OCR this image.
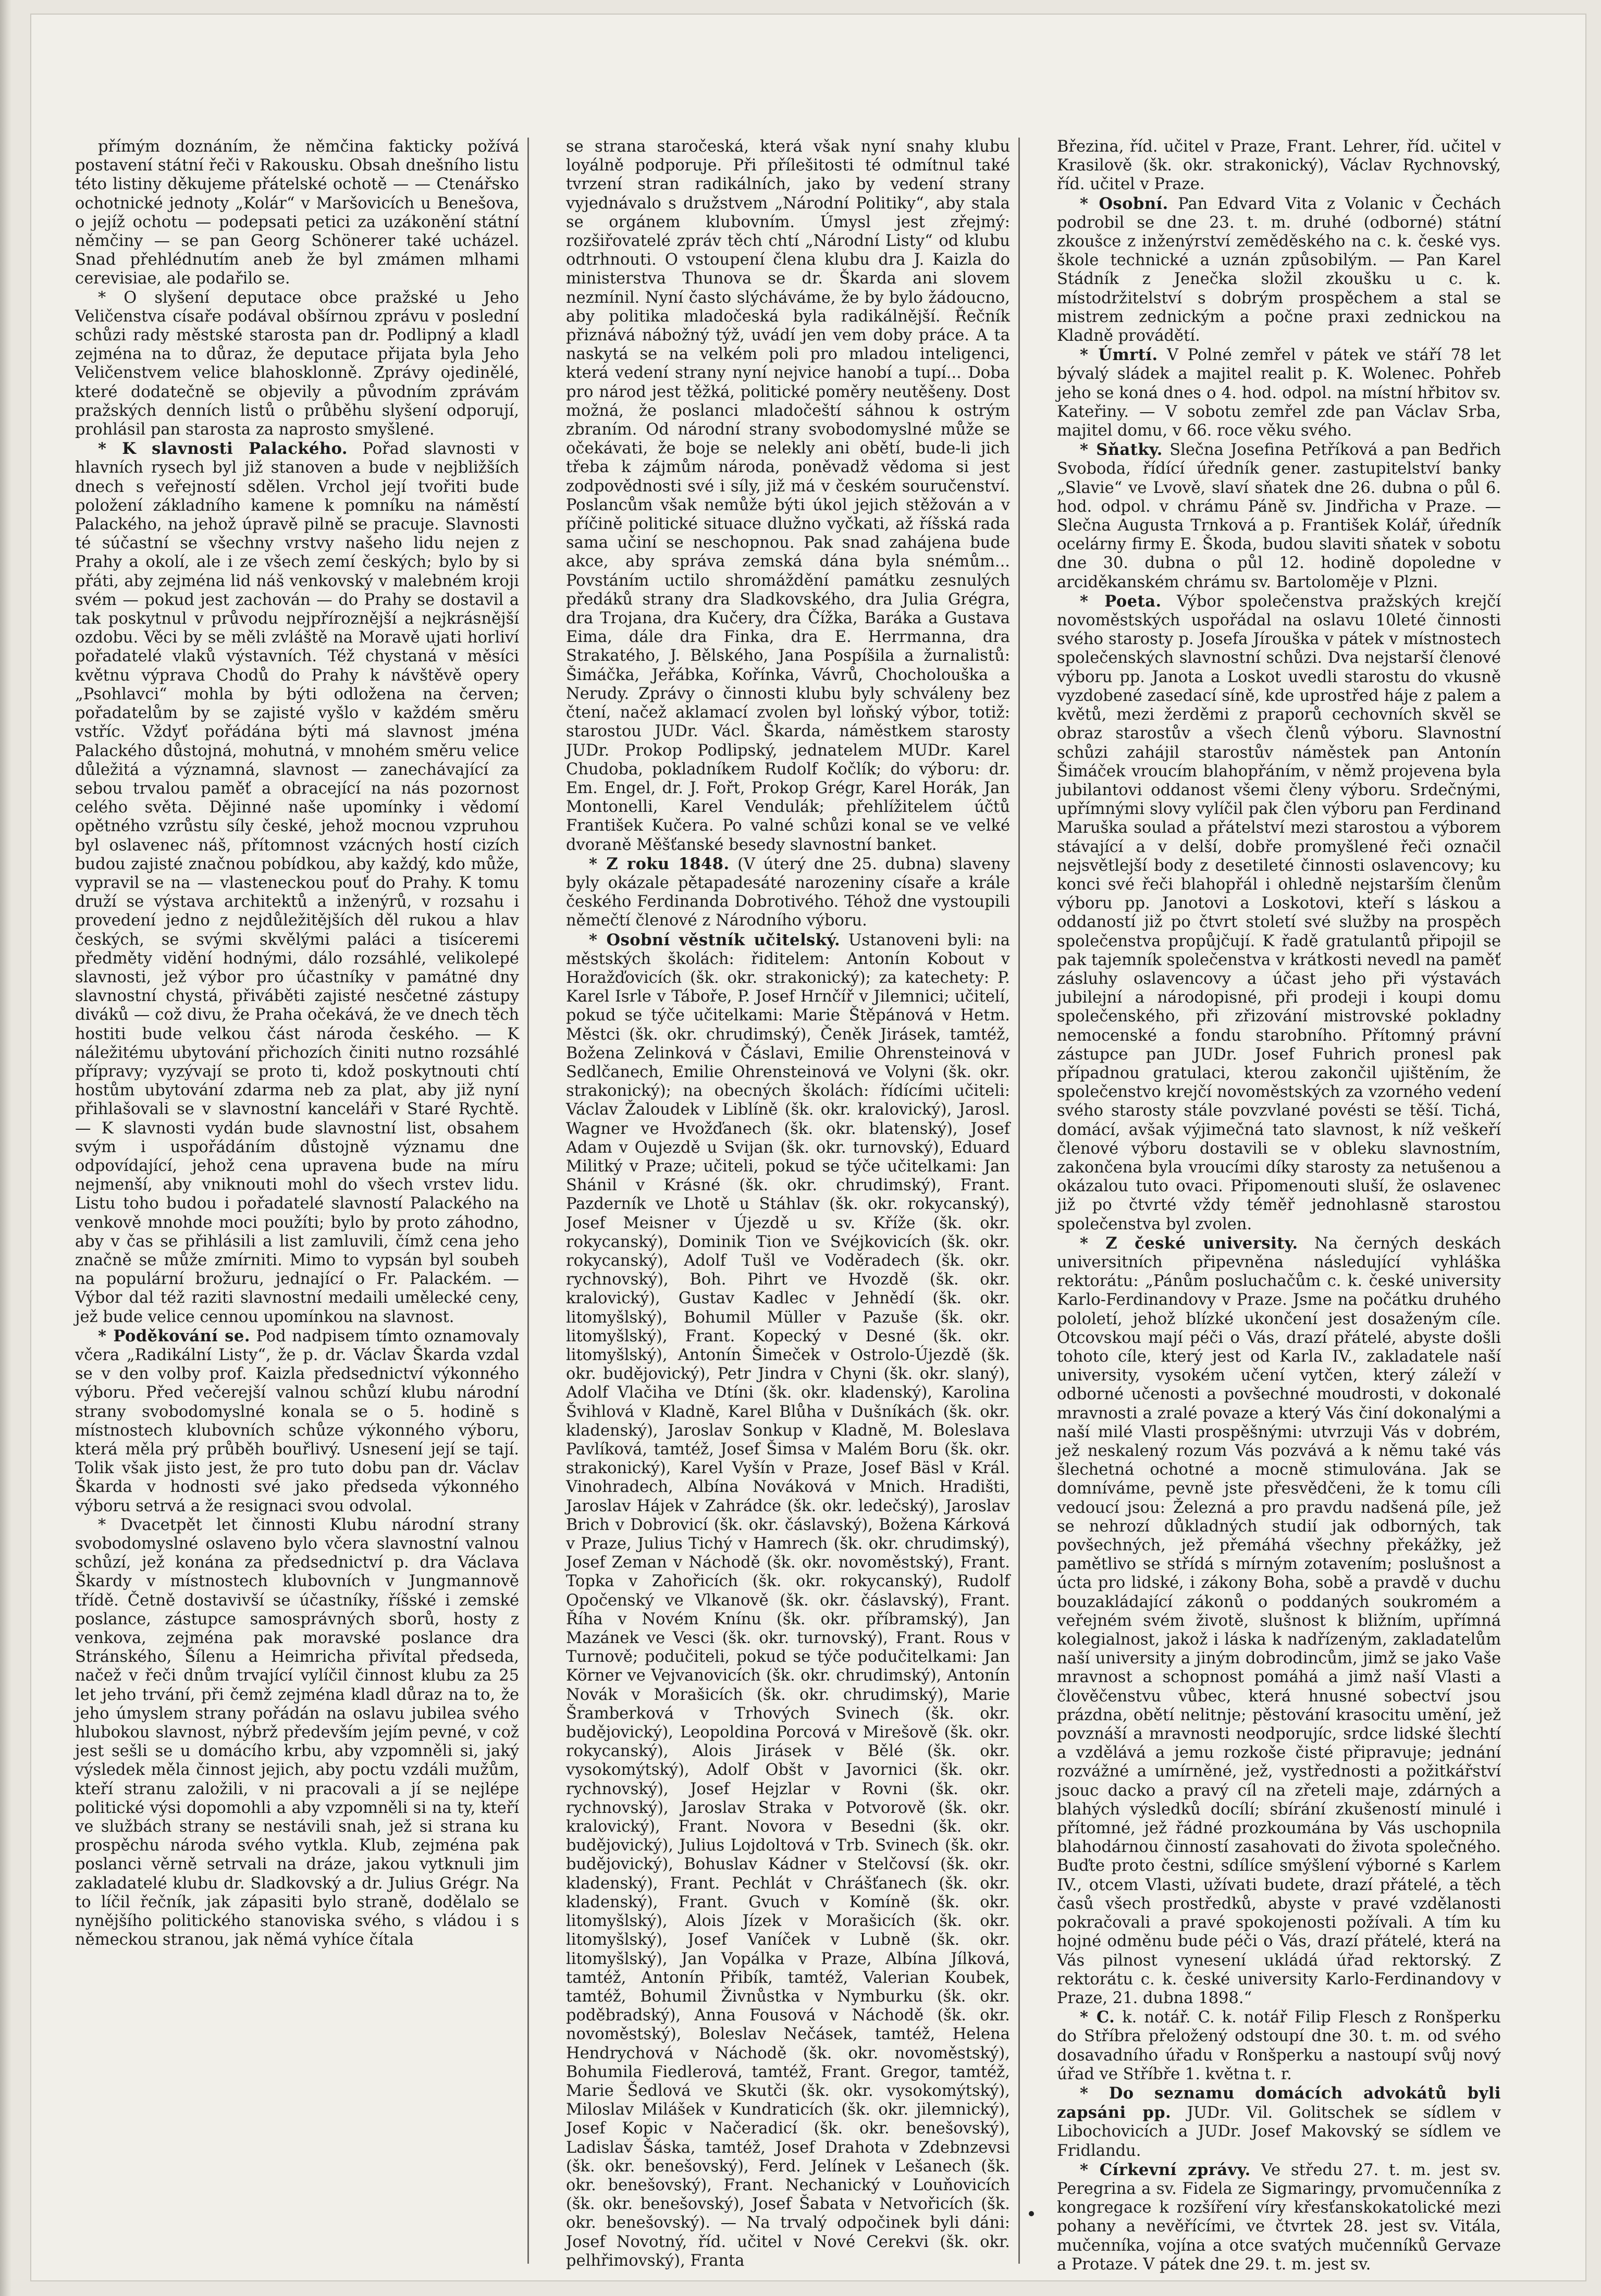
přímým doznáním, že němčina fakticky požívá postavení státní řeči v Rakousku. Obsah dnešního listu této listiny děkujeme přátelské ochotě — — Ctenářsko ochotnické jednoty „Kolár“ v Maršovicích u Benešova, o jejíž ochotu — podepsati petici za uzákonění státní němčiny — se pan Georg Schönerer také ucházel. Snad přehlédnutím aneb že byl zmámen mlhami cerevisiae, ale podařilo se.

* O slyšení deputace obce pražské u Jeho Veličenstva císaře podával obšírnou zprávu v poslední schůzi rady městské starosta pan dr. Podlipný a kladl zejména na to důraz, že deputace přijata byla Jeho Veličenstvem velice blahosklonně. Zprávy ojedinělé, které dodatečně se objevily a původním zprávám pražských denních listů o průběhu slyšení odporují, prohlásil pan starosta za naprosto smyšlené.

* K slavnosti Palackého. Pořad slavnosti v hlavních rysech byl již stanoven a bude v nejbližších dnech s veřejností sdělen. Vrchol její tvořiti bude položení základního kamene k pomníku na náměstí Palackého, na jehož úpravě pilně se pracuje. Slavnosti té súčastní se všechny vrstvy našeho lidu nejen z Prahy a okolí, ale i ze všech zemí českých; bylo by si přáti, aby zejména lid náš venkovský v malebném kroji svém — pokud jest zachován — do Prahy se dostavil a tak poskytnul v průvodu nejpříroznější a nejkrásnější ozdobu. Věci by se měli zvláště na Moravě ujati horliví pořadatelé vlaků výstavních. Též chystaná v měsíci květnu výprava Chodů do Prahy k návštěvě opery „Psohlavci“ mohla by býti odložena na červen; pořadatelům by se zajisté vyšlo v každém směru vstříc. Vždyť pořádána býti má slavnost jména Palackého důstojná, mohutná, v mnohém směru velice důležitá a významná, slavnost — zanechávající za sebou trvalou paměť a obracející na nás pozornost celého světa. Dějinné naše upomínky i vědomí opětného vzrůstu síly české, jehož mocnou vzpruhou byl oslavenec náš, přítomnost vzácných hostí cizích budou zajisté značnou pobídkou, aby každý, kdo může, vypravil se na — vlasteneckou pouť do Prahy. K tomu druží se výstava architektů a inženýrů, v rozsahu i provedení jedno z nejdůležitějších děl rukou a hlav českých, se svými skvělými paláci a tisíceremi předměty vidění hodnými, dálo rozsáhlé, velikolepé slavnosti, jež výbor pro účastníky v památné dny slavnostní chystá, přiváběti zajisté nesčetné zástupy diváků — což divu, že Praha očekává, že ve dnech těch hostiti bude velkou část národa českého. — K náležitému ubytování přichozích činiti nutno rozsáhlé přípravy; vyzývají se proto ti, kdož poskytnouti chtí hostům ubytování zdarma neb za plat, aby již nyní přihlašovali se v slavnostní kanceláři v Staré Rychtě. — K slavnosti vydán bude slavnostní list, obsahem svým i uspořádáním důstojně významu dne odpovídající, jehož cena upravena bude na míru nejmenší, aby vniknouti mohl do všech vrstev lidu. Listu toho budou i pořadatelé slavností Palackého na venkově mnohde moci použíti; bylo by proto záhodno, aby v čas se přihlásili a list zamluvili, čímž cena jeho značně se může zmírniti. Mimo to vypsán byl soubeh na populární brožuru, jednající o Fr. Palackém. — Výbor dal též raziti slavnostní medaili umělecké ceny, jež bude velice cennou upomínkou na slavnost.

* Poděkování se. Pod nadpisem tímto oznamovaly včera „Radikální Listy“, že p. dr. Václav Škarda vzdal se v den volby prof. Kaizla předsednictví výkonného výboru. Před večerejší valnou schůzí klubu národní strany svobodomyslné konala se o 5. hodině s místnostech klubovních schůze výkonného výboru, která měla prý průběh bouřlivý. Usnesení její se tají. Tolik však jisto jest, že pro tuto dobu pan dr. Václav Škarda v hodnosti své jako předseda výkonného výboru setrvá a že resignaci svou odvolal.

* Dvacetpět let činnosti Klubu národní strany svobodomyslné oslaveno bylo včera slavnostní valnou schůzí, jež konána za předsednictví p. dra Václava Škardy v místnostech klubovních v Jungmannově třídě. Četně dostavivší se účastníky, říšské i zemské poslance, zástupce samosprávných sborů, hosty z venkova, zejména pak moravské poslance dra Stránského, Šílenu a Heimricha přivítal předseda, načež v řeči dnům trvající vylíčil činnost klubu za 25 let jeho trvání, při čemž zejména kladl důraz na to, že jeho úmyslem strany pořádán na oslavu jubilea svého hlubokou slavnost, nýbrž především jejím pevné, v což jest sešli se u domácího krbu, aby vzpomněli si, jaký výsledek měla činnost jejich, aby poctu vzdáli mužům, kteří stranu založili, v ni pracovali a jí se nejlépe politické výsi dopomohli a aby vzpomněli si na ty, kteří ve službách strany se nestávili snah, jež si strana ku prospěchu národa svého vytkla. Klub, zejména pak poslanci věrně setrvali na dráze, jakou vytknuli jim zakladatelé klubu dr. Sladkovský a dr. Julius Grégr. Na to líčil řečník, jak zápasiti bylo straně, dodělalo se nynějšího politického stanoviska svého, s vládou i s německou stranou, jak němá vyhíce čítala

se strana staročeská, která však nyní snahy klubu loyálně podporuje. Při přílešitosti té odmítnul také tvrzení stran radikálních, jako by vedení strany vyjednávalo s družstvem „Národní Politiky“, aby stala se orgánem klubovním. Úmysl jest zřejmý: rozšiřovatelé zpráv těch chtí „Národní Listy“ od klubu odtrhnouti. O vstoupení člena klubu dra J. Kaizla do ministerstva Thunova se dr. Škarda ani slovem nezmínil. Nyní často slýcháváme, že by bylo žádoucno, aby politika mladočeská byla radikálnější. Řečník přiznává nábožný týž, uvádí jen vem doby práce. A ta naskytá se na velkém poli pro mladou inteligenci, která vedení strany nyní nejvice hanobí a tupí... Doba pro národ jest těžká, politické poměry neutěšeny. Dost možná, že poslanci mladočeští sáhnou k ostrým zbraním. Od národní strany svobodomyslné může se očekávati, že boje se nelekly ani obětí, bude-li jich třeba k zájmům národa, poněvadž vědoma si jest zodpovědnosti své i síly, již má v českém souručenství. Poslancům však nemůže býti úkol jejich stěžován a v příčině politické situace dlužno vyčkati, až říšská rada sama učiní se neschopnou. Pak snad zahájena bude akce, aby správa zemská dána byla snémům... Povstáním uctilo shromáždění památku zesnulých předáků strany dra Sladkovského, dra Julia Grégra, dra Trojana, dra Kučery, dra Čížka, Baráka a Gustava Eima, dále dra Finka, dra E. Herrmanna, dra Strakatého, J. Bělského, Jana Pospíšila a žurnalistů: Šimáčka, Jeřábka, Kořínka, Vávrů, Chocholouška a Nerudy. Zprávy o činnosti klubu byly schváleny bez čtení, načež aklamací zvolen byl loňský výbor, totiž: starostou JUDr. Václ. Škarda, náměstkem starosty JUDr. Prokop Podlipský, jednatelem MUDr. Karel Chudoba, pokladníkem Rudolf Kočlík; do výboru: dr. Em. Engel, dr. J. Fořt, Prokop Grégr, Karel Horák, Jan Montonelli, Karel Vendulák; přehlížitelem účtů František Kučera. Po valné schůzi konal se ve velké dvoraně Měšťanské besedy slavnostní banket.

* Z roku 1848. (V úterý dne 25. dubna) slaveny byly okázale pětapadesáté narozeniny císaře a krále českého Ferdinanda Dobrotivého. Téhož dne vystoupili němečtí členové z Národního výboru.

* Osobní věstník učitelský. Ustanoveni byli: na městských školách: řiditelem: Antonín Kobout v Horažďovicích (šk. okr. strakonický); za katechety: P. Karel Isrle v Táboře, P. Josef Hrnčíř v Jilemnici; učitelí, pokud se týče učitelkami: Marie Štěpánová v Hetm. Městci (šk. okr. chrudimský), Čeněk Jirásek, tamtéž, Božena Zelinková v Čáslavi, Emilie Ohrensteinová v Sedlčanech, Emilie Ohrensteinová ve Volyni (šk. okr. strakonický); na obecných školách: řídícími učiteli: Václav Žaloudek v Liblíně (šk. okr. kralovický), Jarosl. Wagner ve Hvožďanech (šk. okr. blatenský), Josef Adam v Oujezdě u Svijan (šk. okr. turnovský), Eduard Militký v Praze; učiteli, pokud se týče učitelkami: Jan Shánil v Krásné (šk. okr. chrudimský), Frant. Pazderník ve Lhotě u Stáhlav (šk. okr. rokycanský), Josef Meisner v Újezdě u sv. Kříže (šk. okr. rokycanský), Dominik Tion ve Svéjkovicích (šk. okr. rokycanský), Adolf Tušl ve Voděradech (šk. okr. rychnovský), Boh. Pihrt ve Hvozdě (šk. okr. kralovický), Gustav Kadlec v Jehnědí (šk. okr. litomyšlský), Bohumil Müller v Pazuše (šk. okr. litomyšlský), Frant. Kopecký v Desné (šk. okr. litomyšlský), Antonín Šimeček v Ostrolo-Újezdě (šk. okr. budějovický), Petr Jindra v Chyni (šk. okr. slaný), Adolf Vlačiha ve Dtíni (šk. okr. kladenský), Karolina Švihlová v Kladně, Karel Blůha v Dušníkách (šk. okr. kladenský), Jaroslav Sonkup v Kladně, M. Boleslava Pavlíková, tamtéž, Josef Šimsa v Malém Boru (šk. okr. strakonický), Karel Vyšín v Praze, Josef Bäsl v Král. Vinohradech, Albína Nováková v Mnich. Hradišti, Jaroslav Hájek v Zahrádce (šk. okr. ledečský), Jaroslav Brich v Dobrovicí (šk. okr. čáslavský), Božena Kárková v Praze, Julius Tichý v Hamrech (šk. okr. chrudimský), Josef Zeman v Náchodě (šk. okr. novoměstský), Frant. Topka v Zahořicích (šk. okr. rokycanský), Rudolf Opočenský ve Vlkanově (šk. okr. čáslavský), Frant. Říha v Novém Knínu (šk. okr. příbramský), Jan Mazánek ve Vesci (šk. okr. turnovský), Frant. Rous v Turnově; podučiteli, pokud se týče podučitelkami: Jan Körner ve Vejvanovicích (šk. okr. chrudimský), Antonín Novák v Morašicích (šk. okr. chrudimský), Marie Šramberková v Trhových Svinech (šk. okr. budějovický), Leopoldina Porcová v Mirešově (šk. okr. rokycanský), Alois Jirásek v Bělé (šk. okr. vysokomýtský), Adolf Obšt v Javornici (šk. okr. rychnovský), Josef Hejzlar v Rovni (šk. okr. rychnovský), Jaroslav Straka v Potvorově (šk. okr. kralovický), Frant. Novora v Besedni (šk. okr. budějovický), Julius Lojdoltová v Trb. Svinech (šk. okr. budějovický), Bohuslav Kádner v Stelčovsí (šk. okr. kladenský), Frant. Pechlát v Chrášťanech (šk. okr. kladenský), Frant. Gvuch v Komíně (šk. okr. litomyšlský), Alois Jízek v Morašicích (šk. okr. litomyšlský), Josef Vaníček v Lubně (šk. okr. litomyšlský), Jan Vopálka v Praze, Albína Jílková, tamtéž, Antonín Přibík, tamtéž, Valerian Koubek, tamtéž, Bohumil Živnůstka v Nymburku (šk. okr. poděbradský), Anna Fousová v Náchodě (šk. okr. novoměstský), Boleslav Nečásek, tamtéž, Helena Hendrychová v Náchodě (šk. okr. novoměstský), Bohumila Fiedlerová, tamtéž, Frant. Gregor, tamtéž, Marie Šedlová ve Skutči (šk. okr. vysokomýtský), Miloslav Milášek v Kundraticích (šk. okr. jilemnický), Josef Kopic v Načeradicí (šk. okr. benešovský), Ladislav Šáska, tamtéž, Josef Drahota v Zdebnzevsi (šk. okr. benešovský), Ferd. Jelínek v Lešanech (šk. okr. benešovský), Frant. Nechanický v Louňovicích (šk. okr. benešovský), Josef Šabata v Netvořicích (šk. okr. benešovský). — Na trvalý odpočinek byli dáni: Josef Novotný, říd. učitel v Nové Cerekvi (šk. okr. pelhřimovský), Franta

Březina, říd. učitel v Praze, Frant. Lehrer, říd. učitel v Krasilově (šk. okr. strakonický), Václav Rychnovský, říd. učitel v Praze.

* Osobní. Pan Edvard Vita z Volanic v Čechách podrobil se dne 23. t. m. druhé (odborné) státní zkoušce z inženýrství zeměděského na c. k. české vys. škole technické a uznán způsobilým. — Pan Karel Stádník z Jenečka složil zkoušku u c. k. místodržitelství s dobrým prospěchem a stal se mistrem zednickým a počne praxi zednickou na Kladně provádětí.

* Úmrtí. V Polné zemřel v pátek ve stáří 78 let bývalý sládek a majitel realit p. K. Wolenec. Pohřeb jeho se koná dnes o 4. hod. odpol. na místní hřbitov sv. Kateřiny. — V sobotu zemřel zde pan Václav Srba, majitel domu, v 66. roce věku svého.

* Sňatky. Slečna Josefina Petříková a pan Bedřich Svoboda, řídící úředník gener. zastupitelství banky „Slavie“ ve Lvově, slaví sňatek dne 26. dubna o půl 6. hod. odpol. v chrámu Páně sv. Jindřicha v Praze. — Slečna Augusta Trnková a p. František Kolář, úředník ocelárny firmy E. Škoda, budou slaviti sňatek v sobotu dne 30. dubna o půl 12. hodině dopoledne v arciděkanském chrámu sv. Bartoloměje v Plzni.

* Poeta. Výbor společenstva pražských krejčí novoměstských uspořádal na oslavu 10leté činnosti svého starosty p. Josefa Jírouška v pátek v místnostech společenských slavnostní schůzi. Dva nejstarší členové výboru pp. Janota a Loskot uvedli starostu do vkusně vyzdobené zasedací síně, kde uprostřed háje z palem a květů, mezi žerděmi z praporů cechovních skvěl se obraz starostův a všech členů výboru. Slavnostní schůzi zahájil starostův náměstek pan Antonín Šimáček vroucím blahopřáním, v němž projevena byla jubilantovi oddanost všemi členy výboru. Srdečnými, upřímnými slovy vylíčil pak člen výboru pan Ferdinand Maruška soulad a přátelství mezi starostou a výborem stávající a v delší, dobře promyšlené řeči označil nejsvětlejší body z desetileté činnosti oslavencovy; ku konci své řeči blahopřál i ohledně nejstarším členům výboru pp. Janotovi a Loskotovi, kteří s láskou a oddaností již po čtvrt století své služby na prospěch společenstva propůjčují. K řadě gratulantů připojil se pak tajemník společenstva v krátkosti nevedl na paměť zásluhy oslavencovy a účast jeho při výstavách jubilejní a národopisné, při prodeji i koupi domu společenského, při zřizování mistrovské pokladny nemocenské a fondu starobního. Přítomný právní zástupce pan JUDr. Josef Fuhrich pronesl pak případnou gratulaci, kterou zakončil ujištěním, že společenstvo krejčí novoměstských za vzorného vedení svého starosty stále povzvlané povésti se těší. Tichá, domácí, avšak výjimečná tato slavnost, k níž veškeří členové výboru dostavili se v obleku slavnostním, zakončena byla vroucími díky starosty za netušenou a okázalou tuto ovaci. Připomenouti sluší, že oslavenec již po čtvrté vždy téměř jednohlasně starostou společenstva byl zvolen.

* Z české university. Na černých deskách universitních připevněna následující vyhláška rektorátu: „Pánům posluchačům c. k. české university Karlo-Ferdinandovy v Praze. Jsme na počátku druhého pololetí, jehož blízké ukončení jest dosaženým cíle. Otcovskou mají péči o Vás, drazí přátelé, abyste došli tohoto cíle, který jest od Karla IV., zakladatele naší university, vysokém učení vytčen, který záleží v odborné učenosti a povšechné moudrosti, v dokonalé mravnosti a zralé povaze a který Vás činí dokonalými a naší milé Vlasti prospěšnými: utvrzuji Vás v dobrém, jež neskalený rozum Vás pozvává a k němu také vás šlechetná ochotné a mocně stimulována. Jak se domníváme, pevně jste přesvědčeni, že k tomu cíli vedoucí jsou: Železná a pro pravdu nadšená píle, jež se nehrozí důkladných studií jak odborných, tak povšechných, jež přemáhá všechny překážky, jež pamětlivo se střídá s mírným zotavením; poslušnost a úcta pro lidské, i zákony Boha, sobě a pravdě v duchu bouzakládající zákonů o poddaných soukromém a veřejném svém životě, slušnost k bližním, upřímná kolegialnost, jakož i láska k nadřízeným, zakladatelům naší university a jiným dobrodincům, jimž se jako Vaše mravnost a schopnost pomáhá a jimž naší Vlasti a člověčenstvu vůbec, která hnusné sobectví jsou prázdna, obětí nelitnje; pěstování krasocitu umění, jež povznáší a mravnosti neodporujíc, srdce lidské šlechtí a vzdělává a jemu rozkoše čisté připravuje; jednání rozvážné a umírněné, jež, vystřednosti a požitkářství jsouc dacko a pravý cíl na zřeteli maje, zdárných a blahých výsledků docílí; sbírání zkušeností minulé i přítomné, jež řádné prozkoumána by Vás uschopnila blahodárnou činností zasahovati do života společného. Buďte proto čestni, sdílíce smýšlení výborné s Karlem IV., otcem Vlasti, užívati budete, drazí přátelé, a těch časů všech prostředků, abyste v pravé vzdělanosti pokračovali a pravé spokojenosti požívali. A tím ku hojné odměnu bude péči o Vás, drazí přátelé, která na Vás pilnost vynesení ukládá úřad rektorský. Z rektorátu c. k. české university Karlo-Ferdinandovy v Praze, 21. dubna 1898.“

* C. k. notář. C. k. notář Filip Flesch z Ronšperku do Stříbra přeložený odstoupí dne 30. t. m. od svého dosavadního úřadu v Ronšperku a nastoupí svůj nový úřad ve Stříbře 1. května t. r.

* Do seznamu domácích advokátů byli zapsáni pp. JUDr. Vil. Golitschek se sídlem v Libochovicích a JUDr. Josef Makovský se sídlem ve Fridlandu.

* Církevní zprávy. Ve středu 27. t. m. jest sv. Peregrina a sv. Fidela ze Sigmaringy, prvomučenníka z kongregace k rozšíření víry křesťanskokatolické mezi pohany a nevěřícími, ve čtvrtek 28. jest sv. Vitála, mučenníka, vojína a otce svatých mučenníků Gervaze a Protaze. V pátek dne 29. t. m. jest sv.
